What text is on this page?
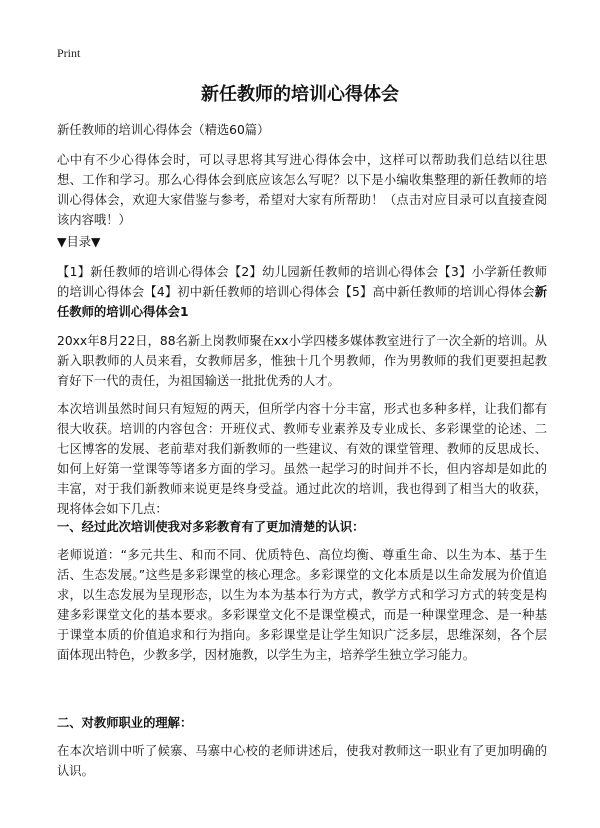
Print
新任教师的培训心得体会

新任教师的培训心得体会（精选60篇）

心中有不少心得体会时，可以寻思将其写进心得体会中，这样可以帮助我们总结以往思想、工作和学习。那么心得体会到底应该怎么写呢？以下是小编收集整理的新任教师的培训心得体会，欢迎大家借鉴与参考，希望对大家有所帮助！（点击对应目录可以直接查阅该内容哦！）

▼目录▼

【1】新任教师的培训心得体会【2】幼儿园新任教师的培训心得体会【3】小学新任教师的培训心得体会【4】初中新任教师的培训心得体会【5】高中新任教师的培训心得体会新任教师的培训心得体会1

20xx年8月22日，88名新上岗教师聚在xx小学四楼多媒体教室进行了一次全新的培训。从新入职教师的人员来看，女教师居多，惟独十几个男教师，作为男教师的我们更要担起教育好下一代的责任，为祖国输送一批批优秀的人才。

本次培训虽然时间只有短短的两天，但所学内容十分丰富，形式也多种多样，让我们都有很大收获。培训的内容包含：开班仪式、教师专业素养及专业成长、多彩课堂的论述、二七区博客的发展、老前辈对我们新教师的一些建议、有效的课堂管理、教师的反思成长、如何上好第一堂课等等诸多方面的学习。虽然一起学习的时间并不长，但内容却是如此的丰富，对于我们新教师来说更是终身受益。通过此次的培训，我也得到了相当大的收获，现将体会如下几点：

一、经过此次培训使我对多彩教育有了更加清楚的认识：

老师说道：“多元共生、和而不同、优质特色、高位均衡、尊重生命、以生为本、基于生活、生态发展。”这些是多彩课堂的核心理念。多彩课堂的文化本质是以生命发展为价值追求，以生态发展为呈现形态，以生为本为基本行为方式，教学方式和学习方式的转变是构建多彩课堂文化的基本要求。多彩课堂文化不是课堂模式，而是一种课堂理念、是一种基于课堂本质的价值追求和行为指向。多彩课堂是让学生知识广泛多层，思维深刻，各个层面体现出特色，少教多学，因材施教，以学生为主，培养学生独立学习能力。

二、对教师职业的理解：

在本次培训中听了候寨、马寨中心校的老师讲述后，使我对教师这一职业有了更加明确的认识。
